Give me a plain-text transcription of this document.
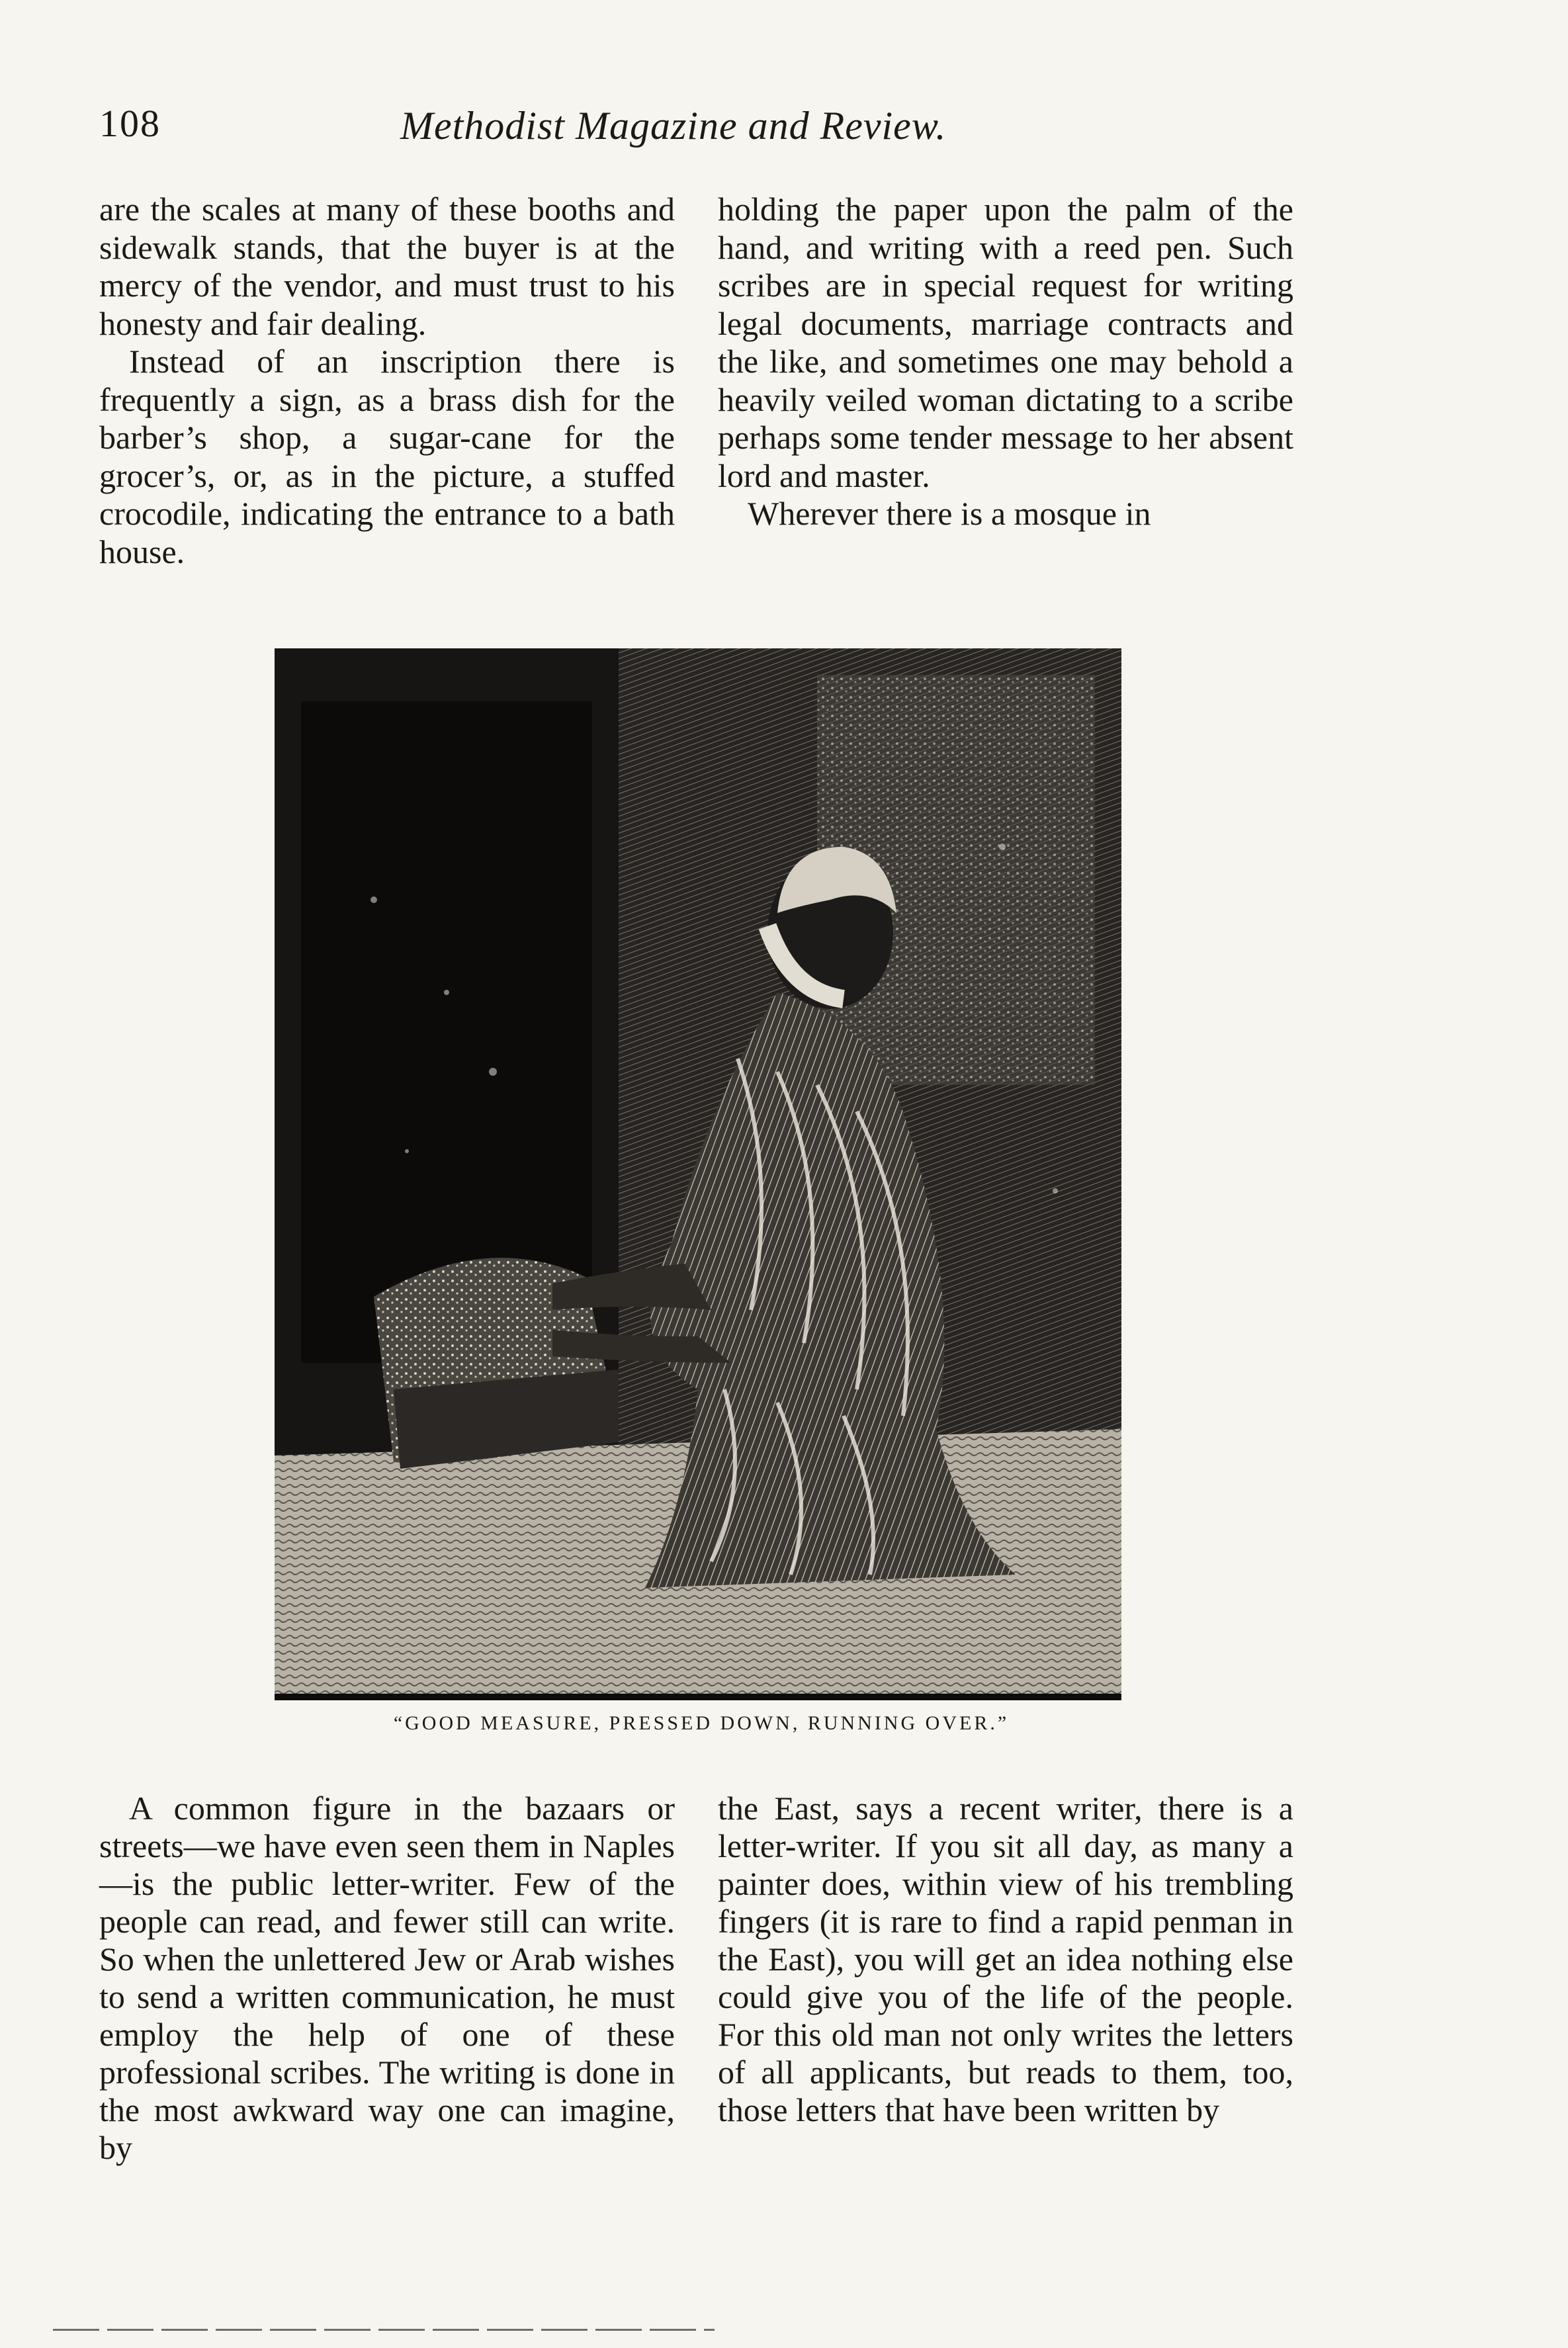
108	Methodist Magazine and Review.

are the scales at many of these booths and sidewalk stands, that the buyer is at the mercy of the vendor, and must trust to his honesty and fair dealing.

Instead of an inscription there is frequently a sign, as a brass dish for the barber’s shop, a sugar-cane for the grocer’s, or, as in the picture, a stuffed crocodile, indicating the entrance to a bath house.

holding the paper upon the palm of the hand, and writing with a reed pen. Such scribes are in special request for writing legal documents, marriage contracts and the like, and sometimes one may behold a heavily veiled woman dictating to a scribe perhaps some tender message to her absent lord and master.

Wherever there is a mosque in

“GOOD MEASURE, PRESSED DOWN, RUNNING OVER.”

A common figure in the bazaars or streets—we have even seen them in Naples—is the public letter-writer. Few of the people can read, and fewer still can write. So when the unlettered Jew or Arab wishes to send a written communication, he must employ the help of one of these professional scribes. The writing is done in the most awkward way one can imagine, by

the East, says a recent writer, there is a letter-writer. If you sit all day, as many a painter does, within view of his trembling fingers (it is rare to find a rapid penman in the East), you will get an idea nothing else could give you of the life of the people. For this old man not only writes the letters of all applicants, but reads to them, too, those letters that have been written by
